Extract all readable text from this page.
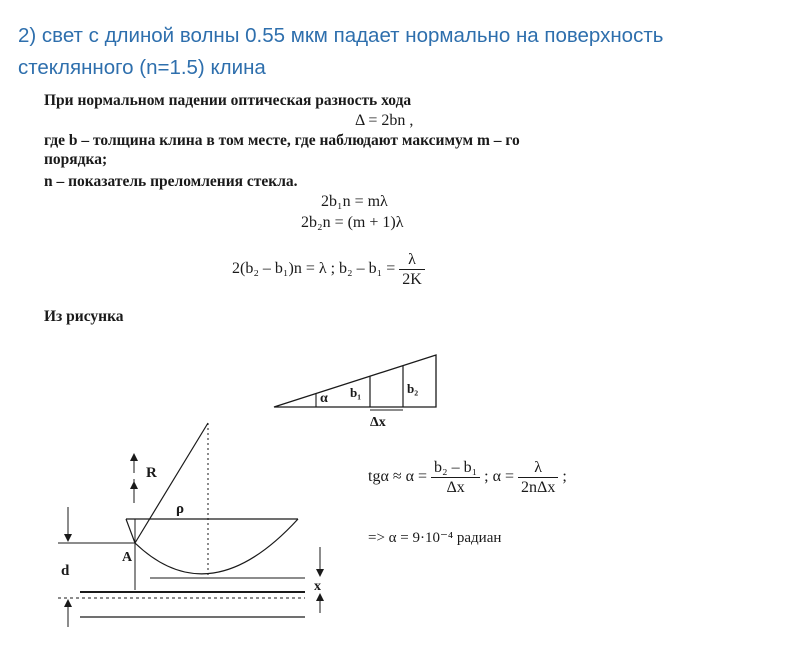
2) свет с длиной волны 0.55 мкм падает нормально на поверхность
стеклянного (n=1.5) клина
При нормальном падении оптическая разность хода
Δ = 2bn ,
где b – толщина клина в том месте, где наблюдают максимум m – го
порядка;
n – показатель преломления стекла.
2b₁n = mλ
2b₂n = (m + 1)λ
2(b₂ – b₁)n = λ ; $b_2 - b_1 = \frac{\lambda}{2K}$
Из рисунка
α b₁	b₂
Δx
R
ρ
A
d
x
$tg\alpha \approx \alpha = \frac{\text{b₂ – b₁}}{\Delta x}$ ; $\alpha = \frac{\lambda}{\text{2nΔx}}$ ;
=> α = 9·10⁻⁴ радиан
